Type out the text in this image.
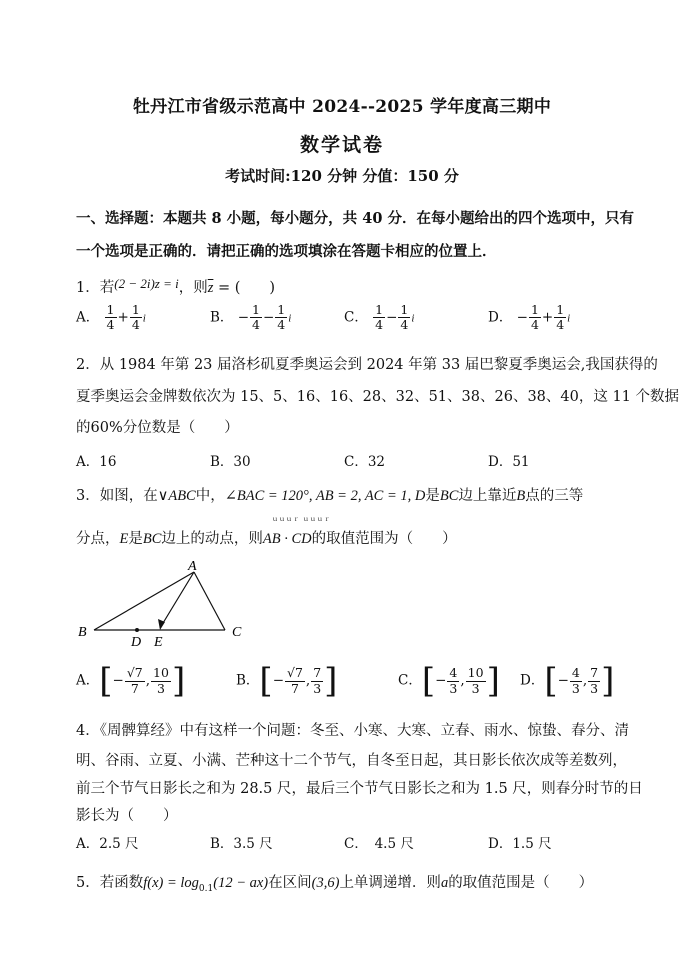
牡丹江市省级示范高中 2024--2025 学年度高三期中
数学试卷
考试时间:120 分钟 分值：150 分
一、选择题：本题共 8 小题，每小题分，共 40 分．在每小题给出的四个选项中，只有
一个选项是正确的．请把正确的选项填涂在答题卡相应的位置上．
1．若(2 − 2i)z = i，则$\overline{z}$ = (　　)
A． $\frac{1}{4} + \frac{1}{4}$ i	B． − $\frac{1}{4} - \frac{1}{4}$ i	C． $\frac{1}{4} - \frac{1}{4}$ i	D． − $\frac{1}{4} + \frac{1}{4}$ i
2．从 1984 年第 23 届洛杉矶夏季奥运会到 2024 年第 33 届巴黎夏季奥运会,我国获得的
夏季奥运会金牌数依次为 15、5、16、16、28、32、51、38、26、38、40，这 11 个数据
的60%分位数是（　　）
A．16	B．30	C．32	D．51
3．如图，在∨ABC中，∠BAC = 120°, AB = 2, AC = 1, D是BC边上靠近B点的三等
ｕｕｕｒ ｕｕｕｒ
分点，E是BC边上的动点，则AB · CD的取值范围为（　　）
A
B	C
D E
A．[− $\frac{√7}{7}$ , $\frac{10}{3}$ ]	B．[− $\frac{√7}{7}$ , $\frac{7}{3}$ ]	C．[− $\frac{4}{3}$ , $\frac{10}{3}$ ] D．[− $\frac{4}{3}$ , $\frac{7}{3}$ ]
4．《周髀算经》中有这样一个问题：冬至、小寒、大寒、立春、雨水、惊蛰、春分、清
明、谷雨、立夏、小满、芒种这十二个节气，自冬至日起，其日影长依次成等差数列，
前三个节气日影长之和为 28.5 尺，最后三个节气日影长之和为 1.5 尺，则春分时节的日
影长为（　　）
A．2.5 尺	B．3.5 尺	C．　4.5 尺	D．1.5 尺
5．若函数$f(x) = \log_{0.1}(12 - ax)$在区间(3,6)上单调递增．则a的取值范围是（　　）
